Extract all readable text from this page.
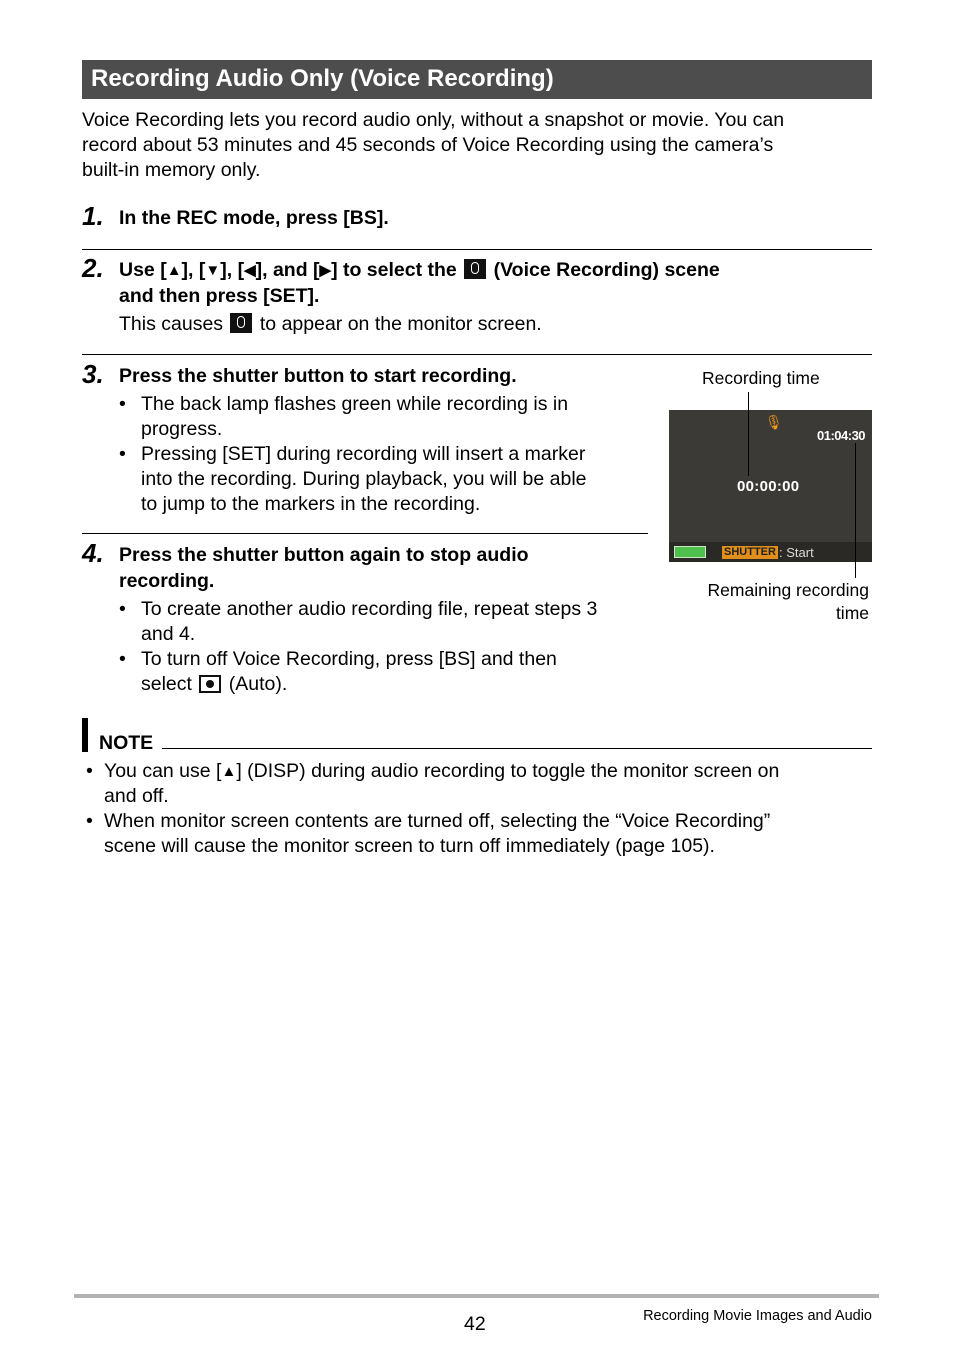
Recording Audio Only (Voice Recording)

Voice Recording lets you record audio only, without a snapshot or movie. You can

record about 53 minutes and 45 seconds of Voice Recording using the camera’s

built-in memory only.

1. In the REC mode, press [BS].
2. Use [▲], [▼], [◀], and [▶] to select the (Voice Recording) scene
and then press [SET].
This causes to appear on the monitor screen.
3. Press the shutter button to start recording.
• The back lamp flashes green while recording is in
progress.
• Pressing [SET] during recording will insert a marker
into the recording. During playback, you will be able
to jump to the markers in the recording.
4. Press the shutter button again to stop audio
recording.
• To create another audio recording file, repeat steps 3
and 4.
• To turn off Voice Recording, press [BS] and then
select (Auto).
Recording time
🎙
01:04:30
00:00:00
SHUTTER : Start
Remaining recording
time
NOTE
• You can use [▲] (DISP) during audio recording to toggle the monitor screen on
and off.
• When monitor screen contents are turned off, selecting the “Voice Recording”
scene will cause the monitor screen to turn off immediately (page 105).
42	Recording Movie Images and Audio
